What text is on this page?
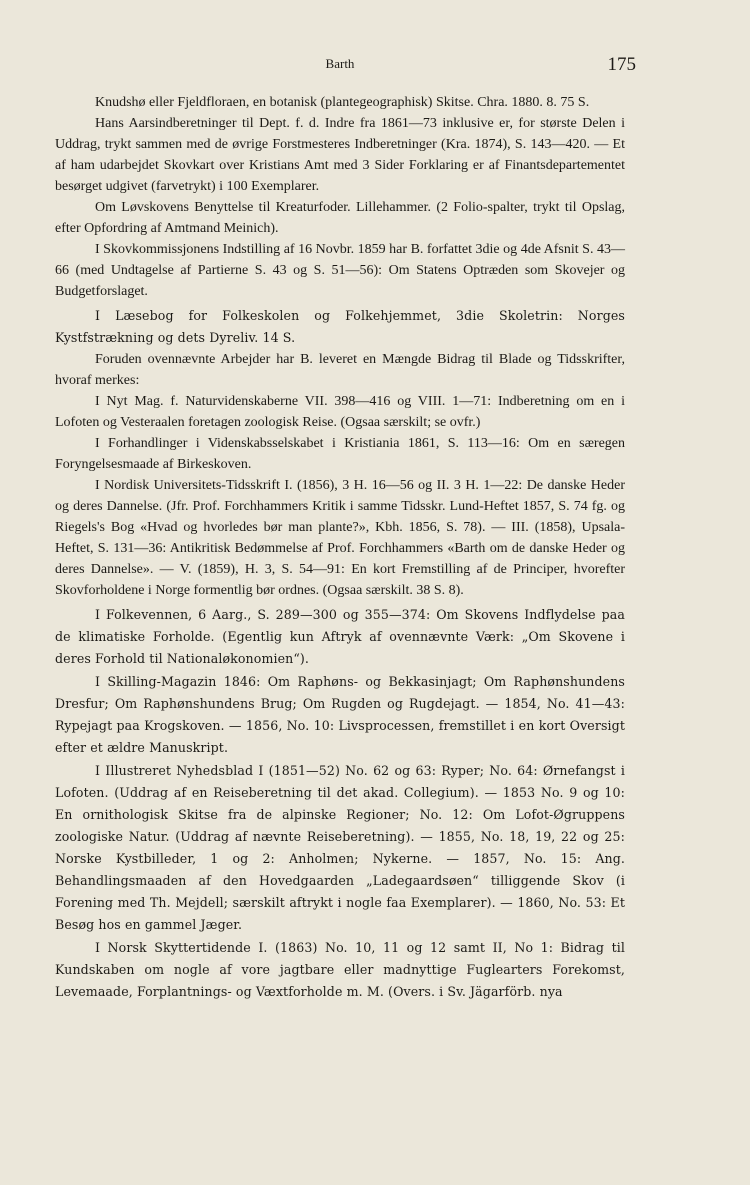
Barth	175

Knudshø eller Fjeldfloraen, en botanisk (plantegeographisk) Skitse. Chra. 1880. 8. 75 S.

Hans Aarsindberetninger til Dept. f. d. Indre fra 1861—73 inklusive er, for største Delen i Uddrag, trykt sammen med de øvrige Forstmesteres Indberetninger (Kra. 1874), S. 143—420. — Et af ham udarbejdet Skovkart over Kristians Amt med 3 Sider Forklaring er af Finantsdepartementet besørget udgivet (farvetrykt) i 100 Exemplarer.

Om Løvskovens Benyttelse til Kreaturfoder. Lillehammer. (2 Folio-spalter, trykt til Opslag, efter Opfordring af Amtmand Meinich).

I Skovkommissjonens Indstilling af 16 Novbr. 1859 har B. forfattet 3die og 4de Afsnit S. 43—66 (med Undtagelse af Partierne S. 43 og S. 51—56): Om Statens Optræden som Skovejer og Budgetforslaget.

I Læsebog for Folkeskolen og Folkehjemmet, 3die Skoletrin: Norges Kystfstrækning og dets Dyreliv. 14 S.

Foruden ovennævnte Arbejder har B. leveret en Mængde Bidrag til Blade og Tidsskrifter, hvoraf merkes:

I Nyt Mag. f. Naturvidenskaberne VII. 398—416 og VIII. 1—71: Indberetning om en i Lofoten og Vesteraalen foretagen zoologisk Reise. (Ogsaa særskilt; se ovfr.)

I Forhandlinger i Videnskabsselskabet i Kristiania 1861, S. 113—16: Om en særegen Foryngelsesmaade af Birkeskoven.

I Nordisk Universitets-Tidsskrift I. (1856), 3 H. 16—56 og II. 3 H. 1—22: De danske Heder og deres Dannelse. (Jfr. Prof. Forchhammers Kritik i samme Tidsskr. Lund-Heftet 1857, S. 74 fg. og Riegels's Bog «Hvad og hvorledes bør man plante?», Kbh. 1856, S. 78). — III. (1858), Upsala-Heftet, S. 131—36: Antikritisk Bedømmelse af Prof. Forchhammers «Barth om de danske Heder og deres Dannelse». — V. (1859), H. 3, S. 54—91: En kort Fremstilling af de Principer, hvorefter Skovforholdene i Norge formentlig bør ordnes. (Ogsaa særskilt. 38 S. 8).

I Folkevennen, 6 Aarg., S. 289—300 og 355—374: Om Skovens Indflydelse paa de klimatiske Forholde. (Egentlig kun Aftryk af ovennævnte Værk: „Om Skovene i deres Forhold til Nationaløkonomien“).

I Skilling-Magazin 1846: Om Raphøns- og Bekkasinjagt; Om Raphønshundens Dresfur; Om Raphønshundens Brug; Om Rugden og Rugdejagt. — 1854, No. 41—43: Rypejagt paa Krogskoven. — 1856, No. 10: Livsprocessen, fremstillet i en kort Oversigt efter et ældre Manuskript.

I Illustreret Nyhedsblad I (1851—52) No. 62 og 63: Ryper; No. 64: Ørnefangst i Lofoten. (Uddrag af en Reiseberetning til det akad. Collegium). — 1853 No. 9 og 10: En ornithologisk Skitse fra de alpinske Regioner; No. 12: Om Lofot-Øgruppens zoologiske Natur. (Uddrag af nævnte Reiseberetning). — 1855, No. 18, 19, 22 og 25: Norske Kystbilleder, 1 og 2: Anholmen; Nykerne. — 1857, No. 15: Ang. Behandlingsmaaden af den Hovedgaarden „Ladegaardsøen“ tilliggende Skov (i Forening med Th. Mejdell; særskilt aftrykt i nogle faa Exemplarer). — 1860, No. 53: Et Besøg hos en gammel Jæger.

I Norsk Skyttertidende I. (1863) No. 10, 11 og 12 samt II, No 1: Bidrag til Kundskaben om nogle af vore jagtbare eller madnyttige Fuglearters Forekomst, Levemaade, Forplantnings- og Væxtforholde m. M. (Overs. i Sv. Jägarförb. nya
